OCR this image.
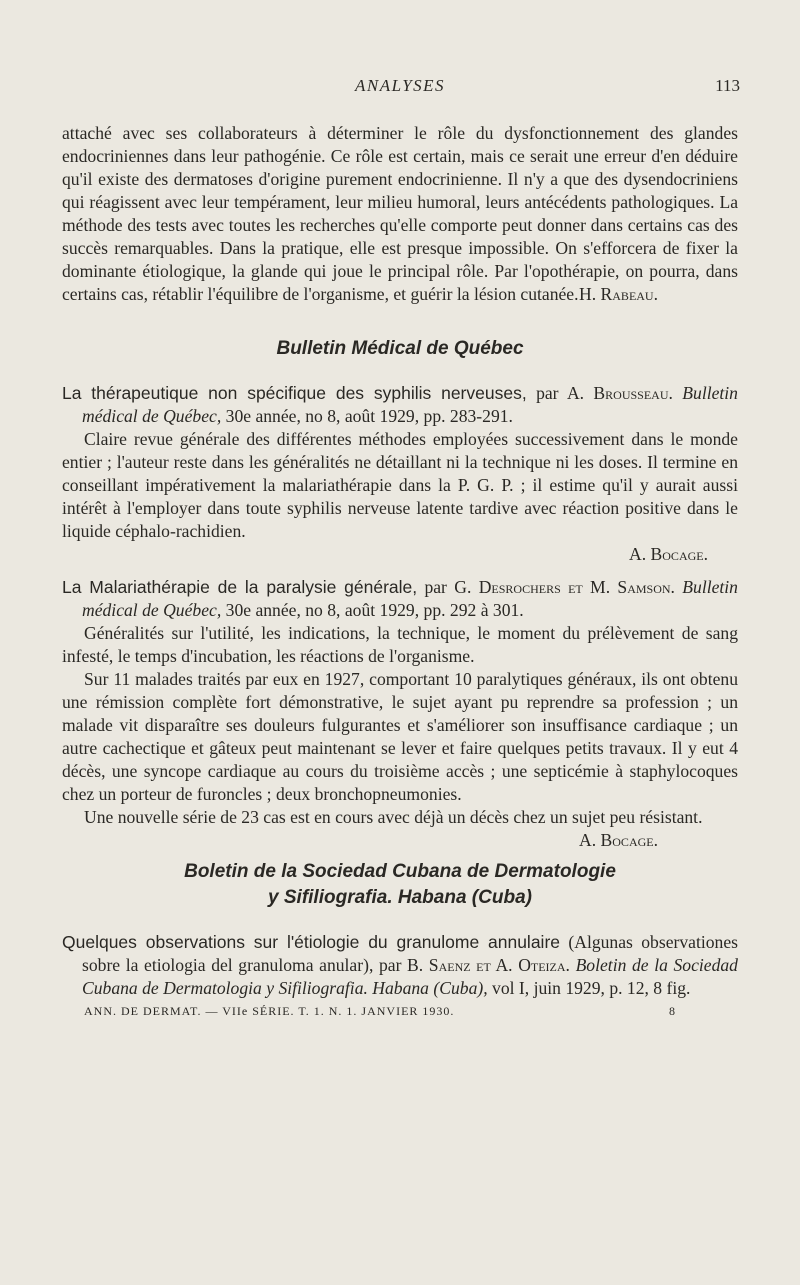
ANALYSES	113

attaché avec ses collaborateurs à déterminer le rôle du dysfonctionnement des glandes endocriniennes dans leur pathogénie. Ce rôle est certain, mais ce serait une erreur d'en déduire qu'il existe des dermatoses d'origine purement endocrinienne. Il n'y a que des dysendocriniens qui réagissent avec leur tempérament, leur milieu humoral, leurs antécédents pathologiques. La méthode des tests avec toutes les recherches qu'elle comporte peut donner dans certains cas des succès remarquables. Dans la pratique, elle est presque impossible. On s'efforcera de fixer la dominante étiologique, la glande qui joue le principal rôle. Par l'opothérapie, on pourra, dans certains cas, rétablir l'équilibre de l'organisme, et guérir la lésion cutanée. H. Rabeau.

Bulletin Médical de Québec

La thérapeutique non spécifique des syphilis nerveuses, par A. Brousseau. Bulletin médical de Québec, 30e année, no 8, août 1929, pp. 283-291.

Claire revue générale des différentes méthodes employées successivement dans le monde entier ; l'auteur reste dans les généralités ne détaillant ni la technique ni les doses. Il termine en conseillant impérativement la malariathérapie dans la P. G. P. ; il estime qu'il y aurait aussi intérêt à l'employer dans toute syphilis nerveuse latente tardive avec réaction positive dans le liquide céphalo-rachidien.

A. Bocage.

La Malariathérapie de la paralysie générale, par G. Desrochers et M. Samson. Bulletin médical de Québec, 30e année, no 8, août 1929, pp. 292 à 301.

Généralités sur l'utilité, les indications, la technique, le moment du prélèvement de sang infesté, le temps d'incubation, les réactions de l'organisme.

Sur 11 malades traités par eux en 1927, comportant 10 paralytiques généraux, ils ont obtenu une rémission complète fort démonstrative, le sujet ayant pu reprendre sa profession ; un malade vit disparaître ses douleurs fulgurantes et s'améliorer son insuffisance cardiaque ; un autre cachectique et gâteux peut maintenant se lever et faire quelques petits travaux. Il y eut 4 décès, une syncope cardiaque au cours du troisième accès ; une septicémie à staphylocoques chez un porteur de furoncles ; deux bronchopneumonies.

Une nouvelle série de 23 cas est en cours avec déjà un décès chez un sujet peu résistant.
A. Bocage.

Boletin de la Sociedad Cubana de Dermatologie
y Sifiliografia. Habana (Cuba)

Quelques observations sur l'étiologie du granulome annulaire (Algunas observationes sobre la etiologia del granuloma anular), par B. Saenz et A. Oteiza. Boletin de la Sociedad Cubana de Dermatologia y Sifiliografia. Habana (Cuba), vol I, juin 1929, p. 12, 8 fig.

ANN. DE DERMAT. — VIIe SÉRIE. T. 1. N. 1. JANVIER 1930.	8
